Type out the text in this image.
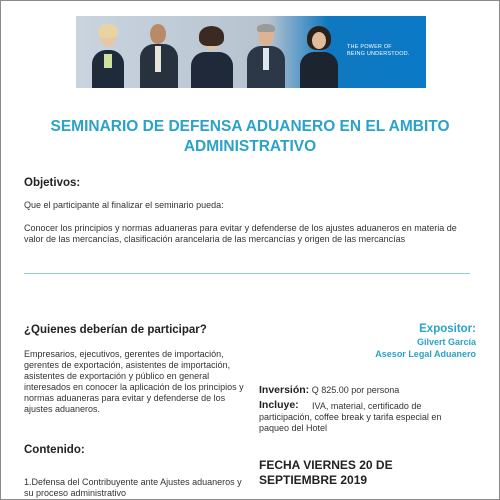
THE POWER OF
BEING UNDERSTOOD.
SEMINARIO DE DEFENSA ADUANERO EN EL AMBITO ADMINISTRATIVO
Objetivos:
Que el participante al finalizar el seminario pueda:
Conocer los principios y normas aduaneras para evitar y defenderse de los ajustes aduaneros en materia de valor de las mercancías, clasificación arancelaria de las mercancías y origen de las mercancías
¿Quienes deberían de participar?
Empresarios, ejecutivos, gerentes de importación, gerentes de exportación, asistentes de importación, asistentes de exportación y público en general interesados en conocer la aplicación de los principios y normas aduaneras para evitar y defenderse de los ajustes aduaneros.
Expositor:
Gilvert García
Asesor Legal Aduanero
Inversión: Q 825.00 por persona
Incluye:	IVA, material, certificado de participación, coffee break y tarifa especial en paqueo del Hotel
Contenido:
1.Defensa del Contribuyente ante Ajustes aduaneros y su proceso administrativo
FECHA VIERNES 20 DE SEPTIEMBRE 2019
